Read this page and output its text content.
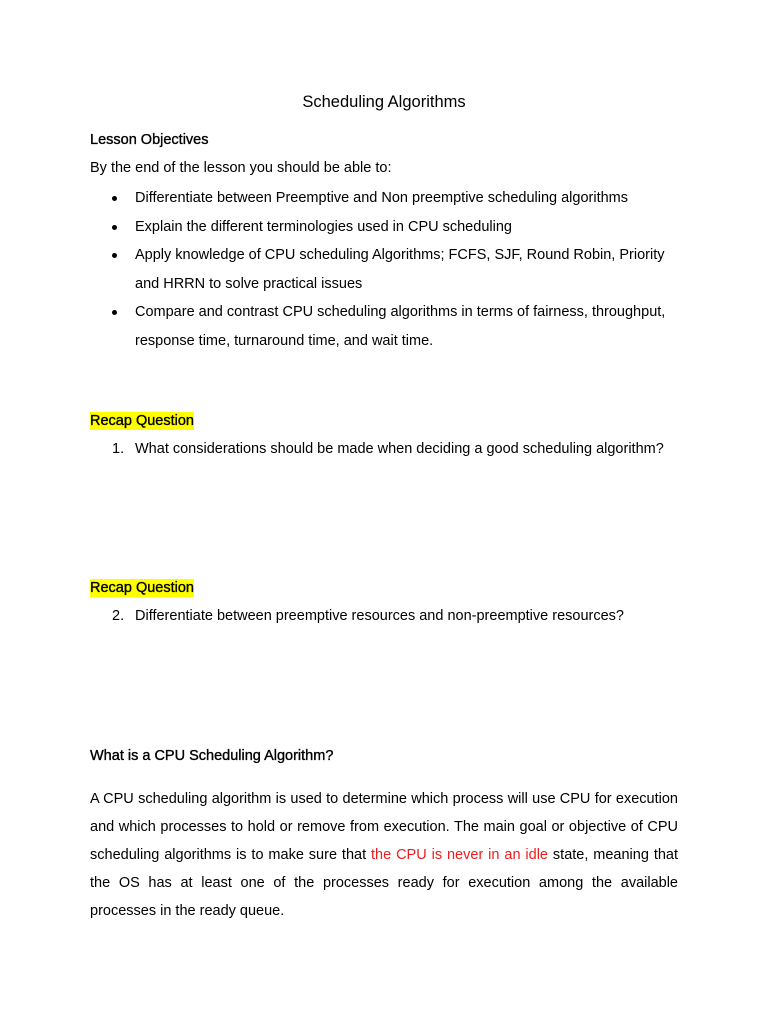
Scheduling Algorithms
Lesson Objectives

By the end of the lesson you should be able to:

Differentiate between Preemptive and Non preemptive scheduling algorithms
Explain the different terminologies used in CPU scheduling
Apply knowledge of CPU scheduling Algorithms; FCFS, SJF, Round Robin, Priority and HRRN to solve practical issues
Compare and contrast CPU scheduling algorithms in terms of fairness, throughput, response time, turnaround time, and wait time.
Recap Question

1. What considerations should be made when deciding a good scheduling algorithm?

Recap Question

2. Differentiate between preemptive resources and non-preemptive resources?

What is a CPU Scheduling Algorithm?

A CPU scheduling algorithm is used to determine which process will use CPU for execution and which processes to hold or remove from execution. The main goal or objective of CPU scheduling algorithms is to make sure that the CPU is never in an idle state, meaning that the OS has at least one of the processes ready for execution among the available processes in the ready queue.
